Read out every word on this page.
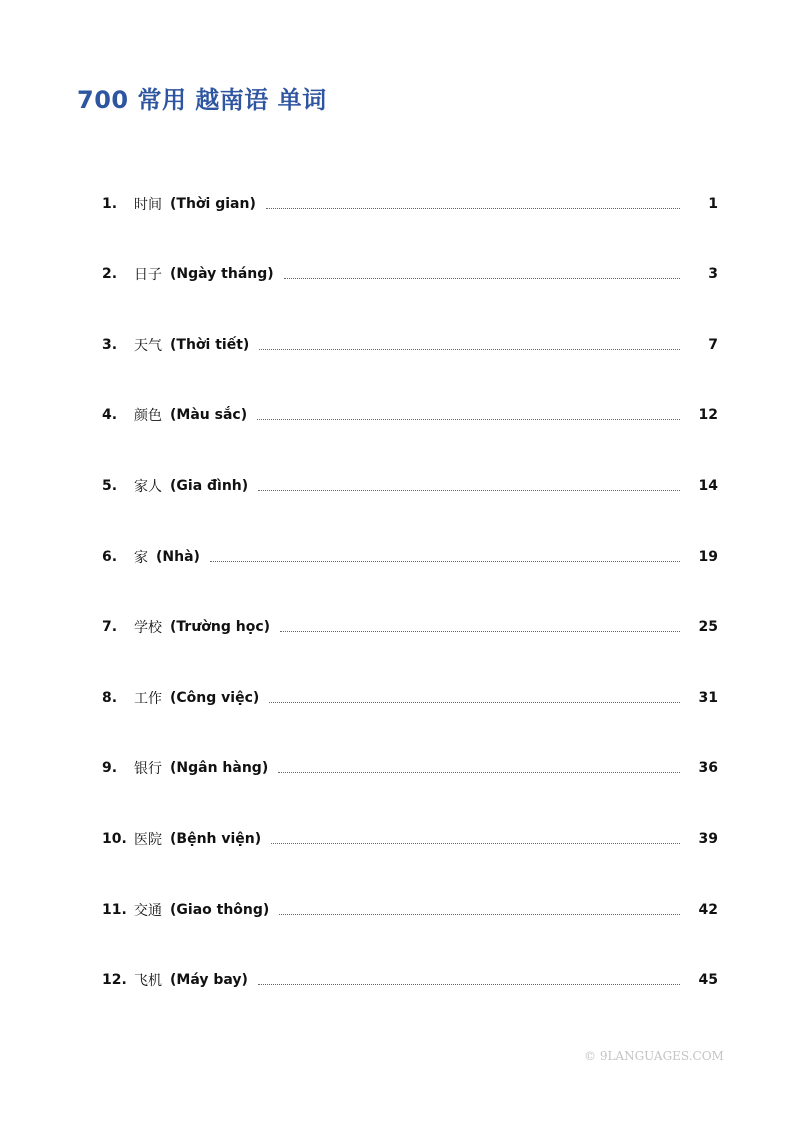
700 常用 越南语 单词
1.	时间 (Thời gian)	1
2.	日子 (Ngày tháng)	3
3.	天气 (Thời tiết)	7
4.	颜色 (Màu sắc)	12
5.	家人 (Gia đình)	14
6.	家 (Nhà)	19
7.	学校 (Trường học)	25
8.	工作 (Công việc)	31
9.	银行 (Ngân hàng)	36
10. 医院 (Bệnh viện)	39
11. 交通 (Giao thông)	42
12. 飞机 (Máy bay)	45
© 9LANGUAGES.COM
